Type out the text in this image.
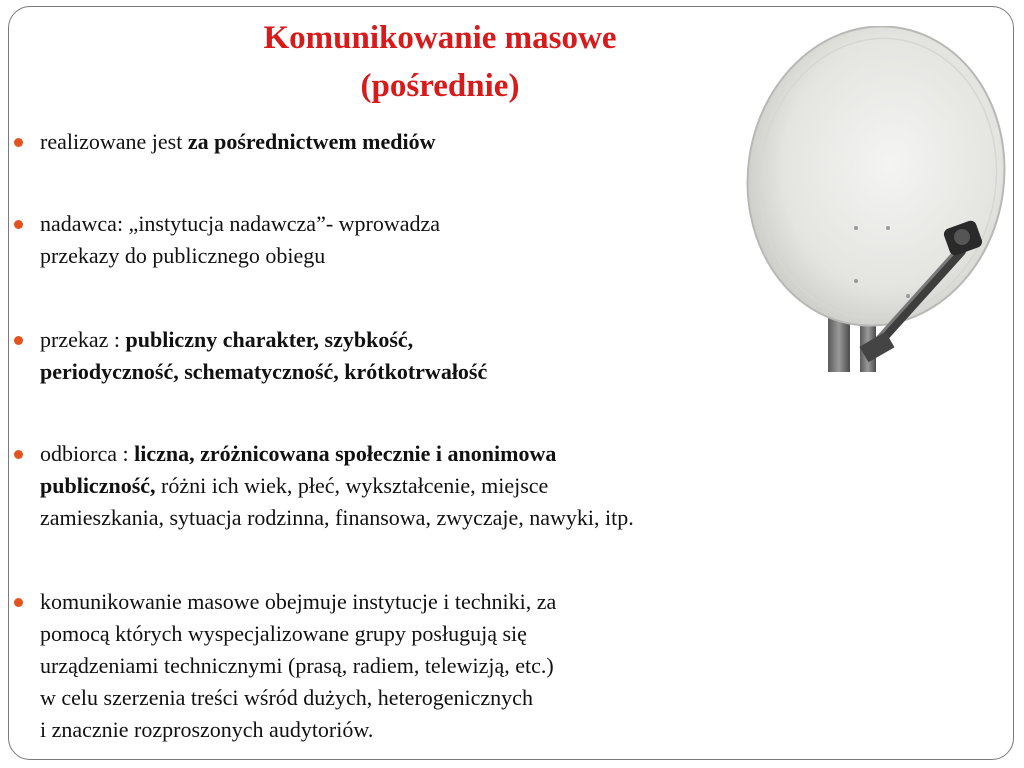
Komunikowanie masowe
(pośrednie)
realizowane jest za pośrednictwem mediów
nadawca: „instytucja nadawcza”- wprowadza
przekazy do publicznego obiegu
przekaz : publiczny charakter, szybkość,
periodyczność, schematyczność, krótkotrwałość
odbiorca : liczna, zróżnicowana społecznie i anonimowa
publiczność, różni ich wiek, płeć, wykształcenie, miejsce
zamieszkania, sytuacja rodzinna, finansowa, zwyczaje, nawyki, itp.
komunikowanie masowe obejmuje instytucje i techniki, za
pomocą których wyspecjalizowane grupy posługują się
urządzeniami technicznymi (prasą, radiem, telewizją, etc.)
w celu szerzenia treści wśród dużych, heterogenicznych
i znacznie rozproszonych audytoriów.
